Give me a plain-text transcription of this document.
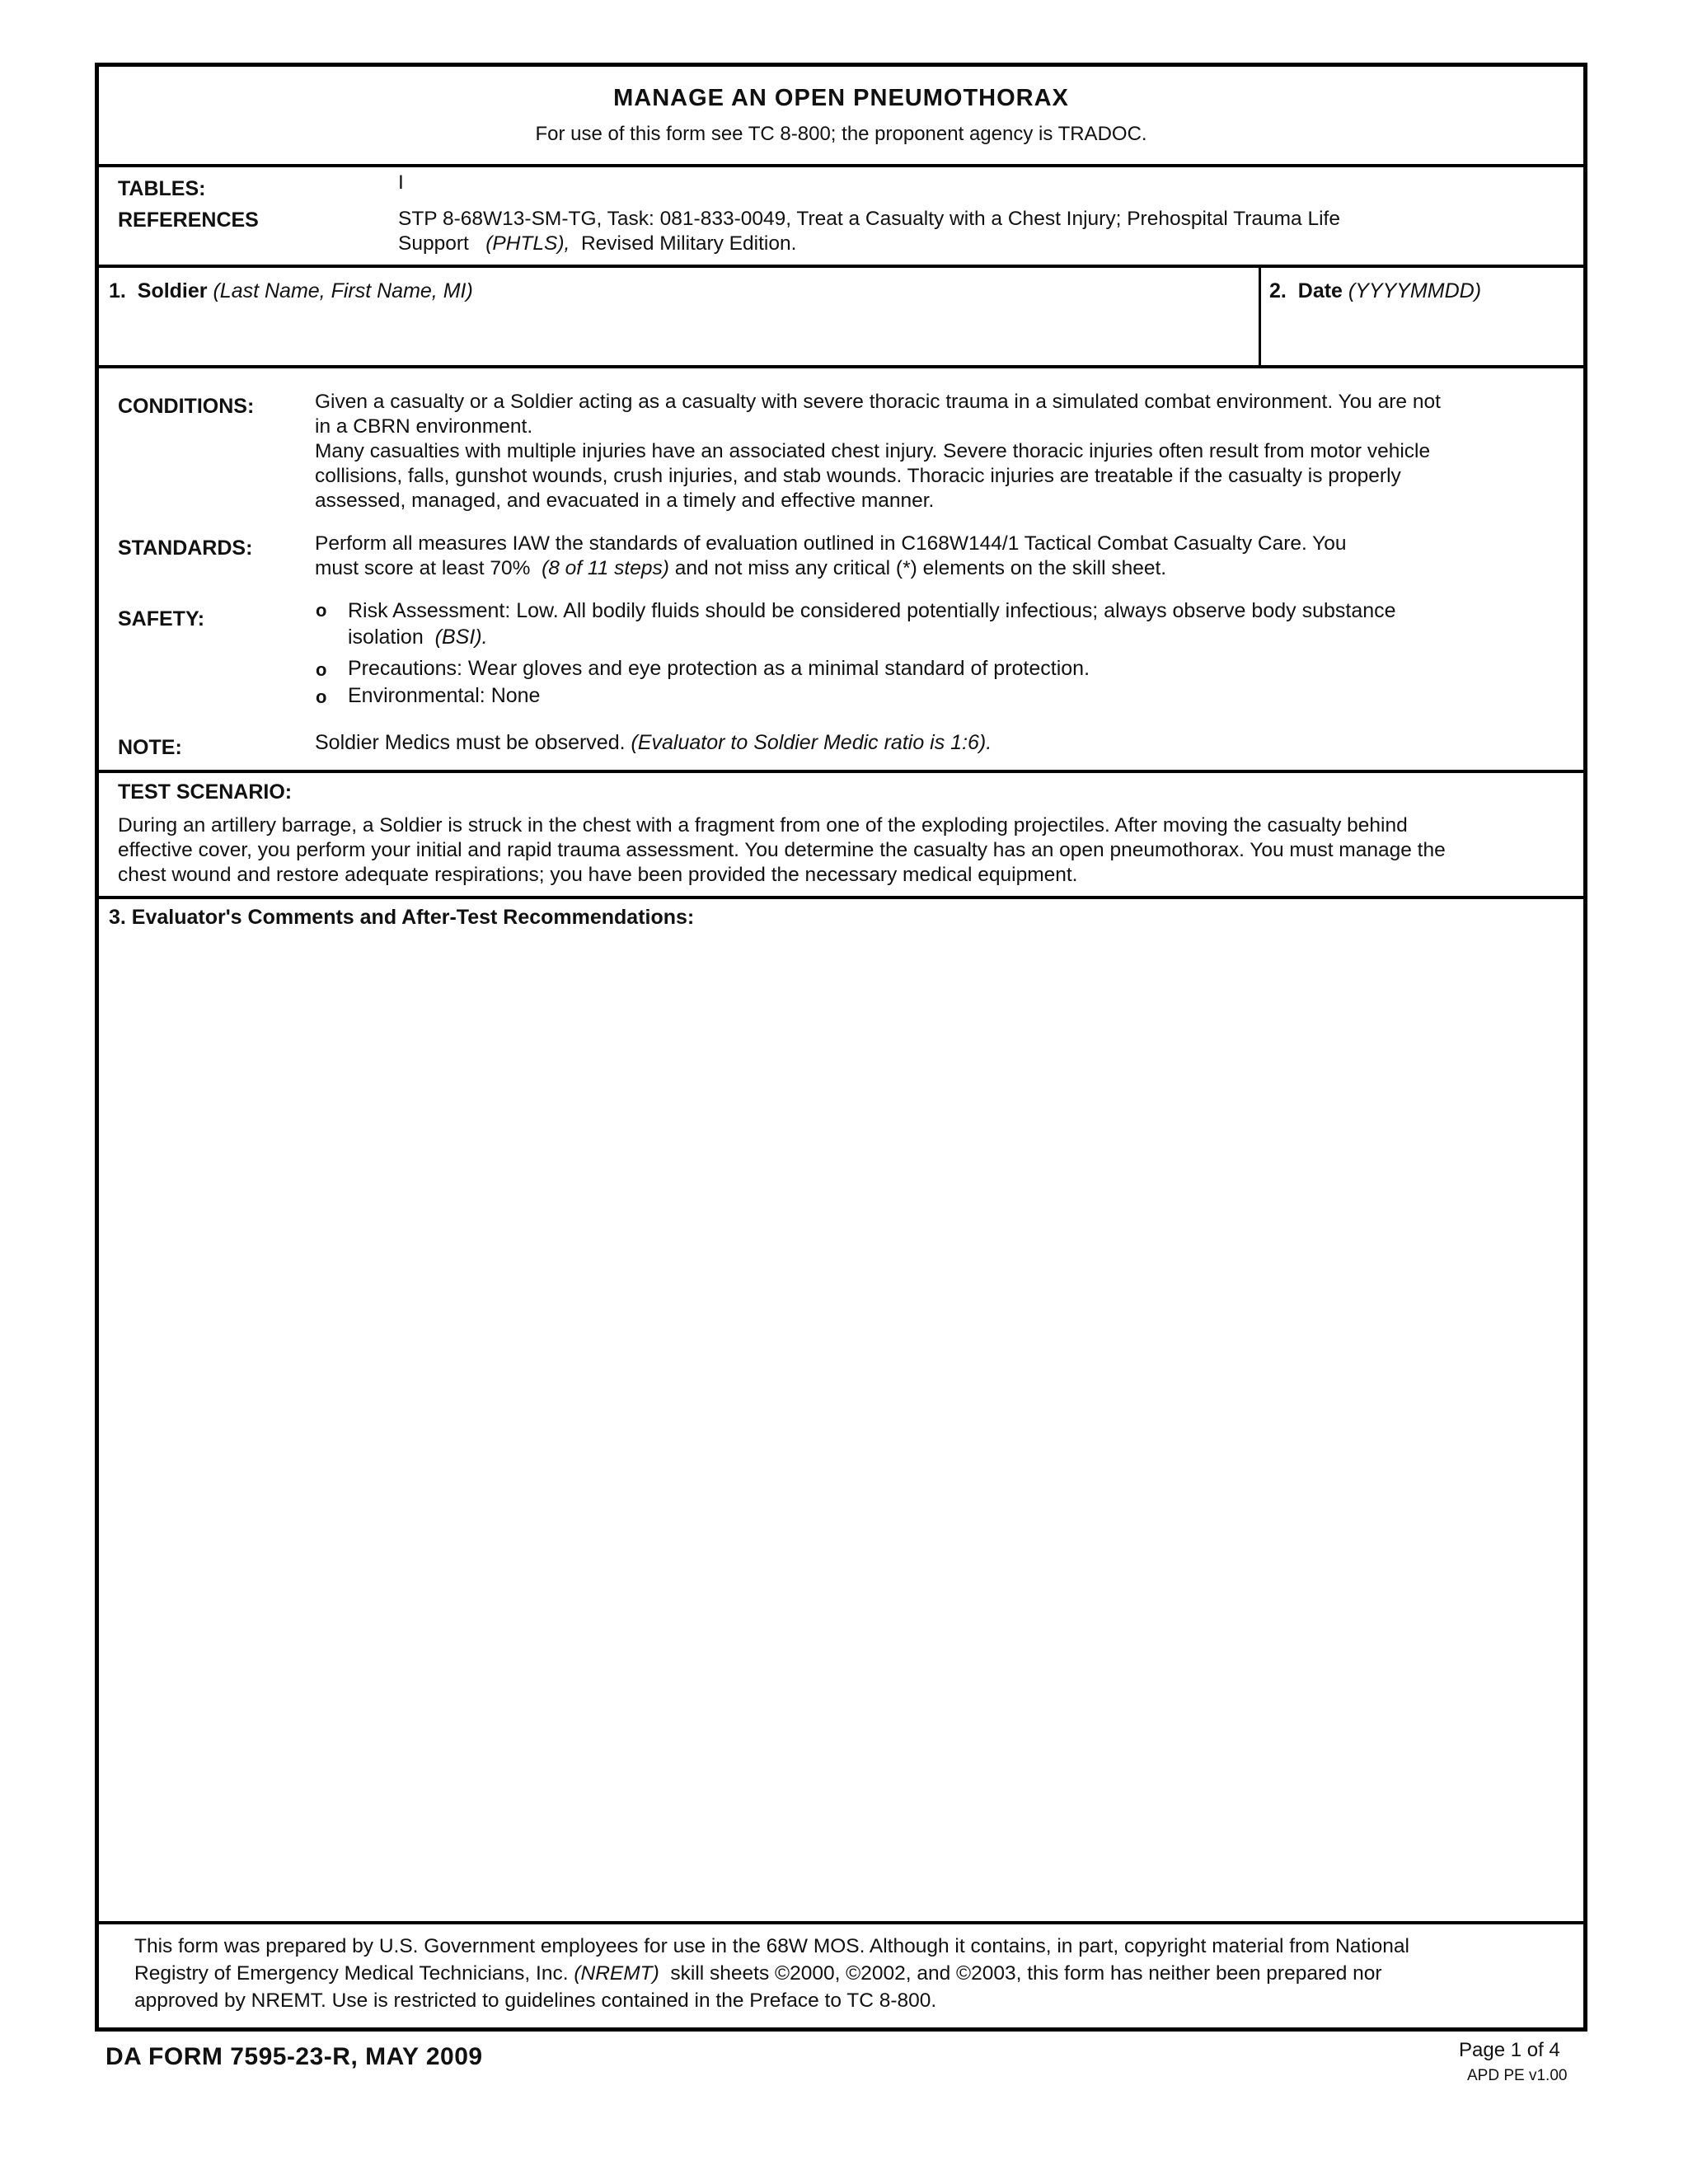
MANAGE AN OPEN PNEUMOTHORAX
For use of this form see TC 8-800; the proponent agency is TRADOC.
TABLES:	I
REFERENCES	STP 8-68W13-SM-TG, Task: 081-833-0049, Treat a Casualty with a Chest Injury; Prehospital Trauma Life
Support (PHTLS), Revised Military Edition.
1. Soldier (Last Name, First Name, MI)	2. Date (YYYYMMDD)
CONDITIONS:	Given a casualty or a Soldier acting as a casualty with severe thoracic trauma in a simulated combat environment. You are not
in a CBRN environment.
Many casualties with multiple injuries have an associated chest injury. Severe thoracic injuries often result from motor vehicle
collisions, falls, gunshot wounds, crush injuries, and stab wounds. Thoracic injuries are treatable if the casualty is properly
assessed, managed, and evacuated in a timely and effective manner.
STANDARDS:	Perform all measures IAW the standards of evaluation outlined in C168W144/1 Tactical Combat Casualty Care. You
must score at least 70% (8 of 11 steps) and not miss any critical (*) elements on the skill sheet.
SAFETY:	o Risk Assessment: Low. All bodily fluids should be considered potentially infectious; always observe body substance
isolation (BSI).
o Precautions: Wear gloves and eye protection as a minimal standard of protection.
o Environmental: None
NOTE:	Soldier Medics must be observed. (Evaluator to Soldier Medic ratio is 1:6).
TEST SCENARIO:
During an artillery barrage, a Soldier is struck in the chest with a fragment from one of the exploding projectiles. After moving the casualty behind
effective cover, you perform your initial and rapid trauma assessment. You determine the casualty has an open pneumothorax. You must manage the
chest wound and restore adequate respirations; you have been provided the necessary medical equipment.
3. Evaluator's Comments and After-Test Recommendations:
This form was prepared by U.S. Government employees for use in the 68W MOS. Although it contains, in part, copyright material from National
Registry of Emergency Medical Technicians, Inc. (NREMT) skill sheets ©2000, ©2002, and ©2003, this form has neither been prepared nor
approved by NREMT. Use is restricted to guidelines contained in the Preface to TC 8-800.
DA FORM 7595-23-R, MAY 2009	Page 1 of 4
APD PE v1.00
